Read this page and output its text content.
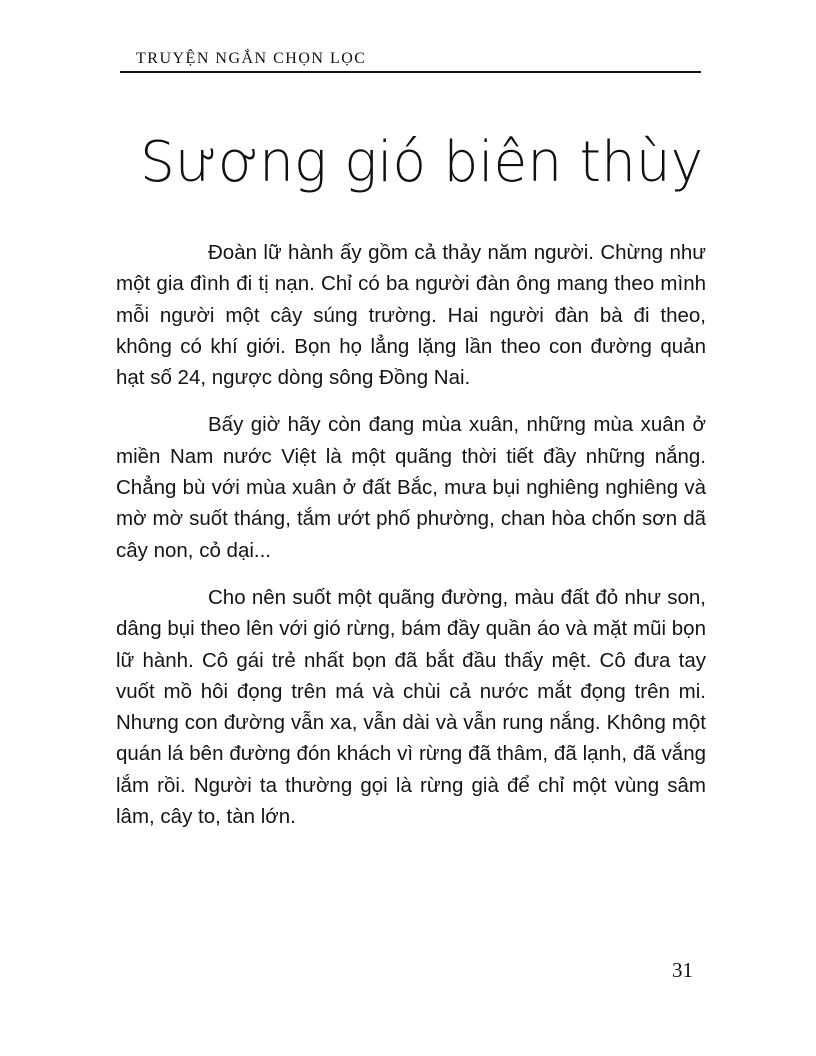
TRUYỆN NGẮN CHỌN LỌC
Sương gió biên thùy

Đoàn lữ hành ấy gồm cả thảy năm người. Chừng như một gia đình đi tị nạn. Chỉ có ba người đàn ông mang theo mình mỗi người một cây súng trường. Hai người đàn bà đi theo, không có khí giới. Bọn họ lẳng lặng lần theo con đường quản hạt số 24, ngược dòng sông Đồng Nai.

Bấy giờ hãy còn đang mùa xuân, những mùa xuân ở miền Nam nước Việt là một quãng thời tiết đầy những nắng. Chẳng bù với mùa xuân ở đất Bắc, mưa bụi nghiêng nghiêng và mờ mờ suốt tháng, tắm ướt phố phường, chan hòa chốn sơn dã cây non, cỏ dại...

Cho nên suốt một quãng đường, màu đất đỏ như son, dâng bụi theo lên với gió rừng, bám đầy quần áo và mặt mũi bọn lữ hành. Cô gái trẻ nhất bọn đã bắt đầu thấy mệt. Cô đưa tay vuốt mồ hôi đọng trên má và chùi cả nước mắt đọng trên mi. Nhưng con đường vẫn xa, vẫn dài và vẫn rung nắng. Không một quán lá bên đường đón khách vì rừng đã thâm, đã lạnh, đã vắng lắm rồi. Người ta thường gọi là rừng già để chỉ một vùng sâm lâm, cây to, tàn lớn.

31
